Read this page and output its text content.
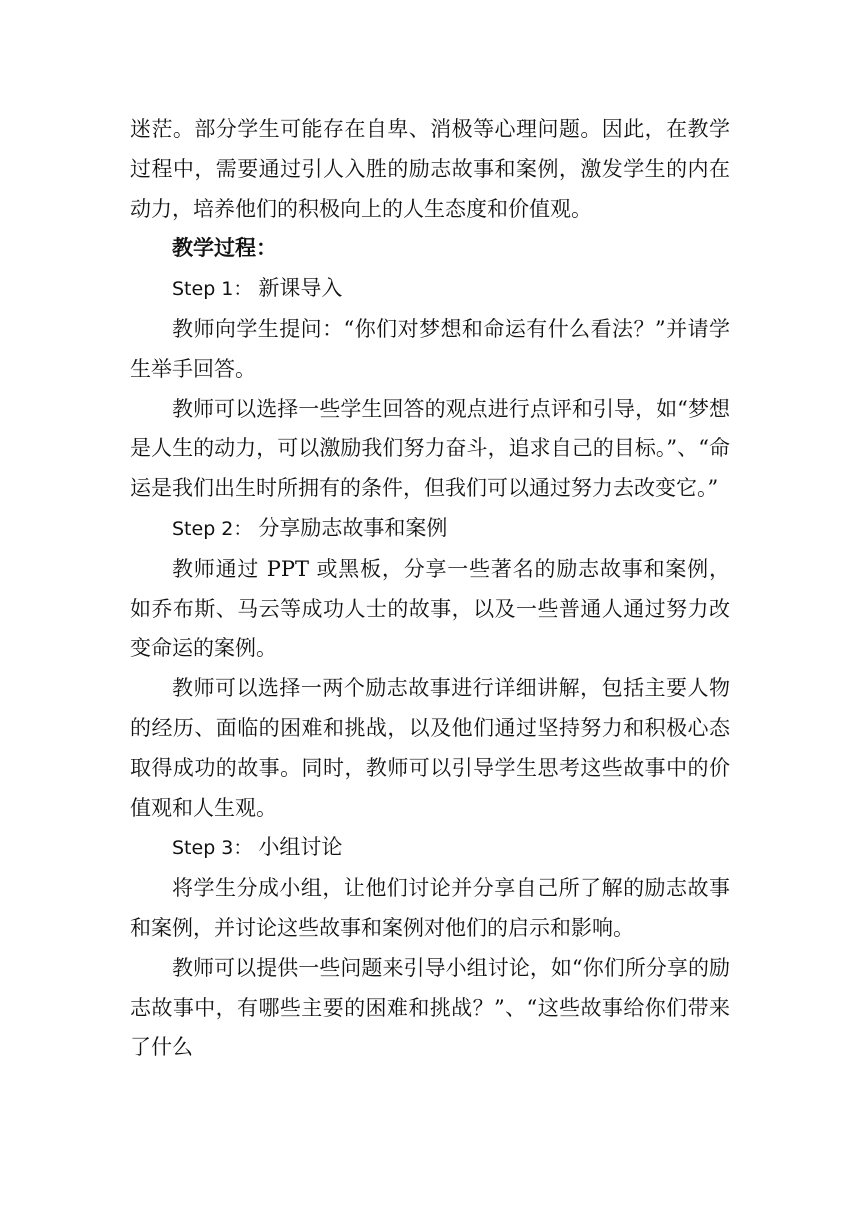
迷茫。部分学生可能存在自卑、消极等心理问题。因此，在教学过程中，需要通过引人入胜的励志故事和案例，激发学生的内在动力，培养他们的积极向上的人生态度和价值观。

教学过程：

Step 1： 新课导入

教师向学生提问：“你们对梦想和命运有什么看法？”并请学生举手回答。

教师可以选择一些学生回答的观点进行点评和引导，如“梦想是人生的动力，可以激励我们努力奋斗，追求自己的目标。”、“命运是我们出生时所拥有的条件，但我们可以通过努力去改变它。”

Step 2： 分享励志故事和案例

教师通过 PPT 或黑板，分享一些著名的励志故事和案例，如乔布斯、马云等成功人士的故事，以及一些普通人通过努力改变命运的案例。

教师可以选择一两个励志故事进行详细讲解，包括主要人物的经历、面临的困难和挑战，以及他们通过坚持努力和积极心态取得成功的故事。同时，教师可以引导学生思考这些故事中的价值观和人生观。

Step 3： 小组讨论

将学生分成小组，让他们讨论并分享自己所了解的励志故事和案例，并讨论这些故事和案例对他们的启示和影响。

教师可以提供一些问题来引导小组讨论，如“你们所分享的励志故事中，有哪些主要的困难和挑战？”、“这些故事给你们带来了什么
